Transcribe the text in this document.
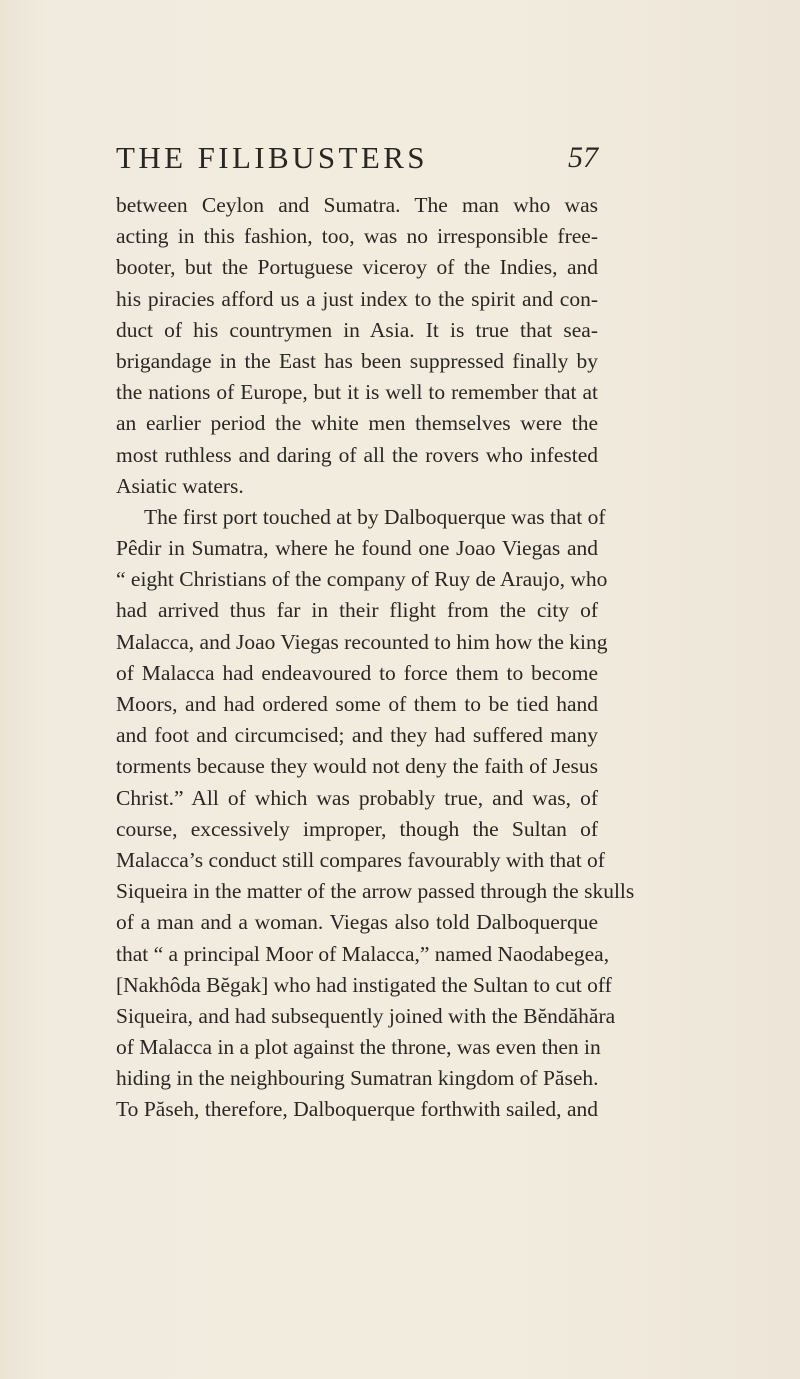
THE FILIBUSTERS	57
between Ceylon and Sumatra. The man who was
acting in this fashion, too, was no irresponsible free-
booter, but the Portuguese viceroy of the Indies, and
his piracies afford us a just index to the spirit and con-
duct of his countrymen in Asia. It is true that sea-
brigandage in the East has been suppressed finally by
the nations of Europe, but it is well to remember that at
an earlier period the white men themselves were the
most ruthless and daring of all the rovers who infested
Asiatic waters.
The first port touched at by Dalboquerque was that of
Pêdir in Sumatra, where he found one Joao Viegas and
“ eight Christians of the company of Ruy de Araujo, who
had arrived thus far in their flight from the city of
Malacca, and Joao Viegas recounted to him how the king
of Malacca had endeavoured to force them to become
Moors, and had ordered some of them to be tied hand
and foot and circumcised; and they had suffered many
torments because they would not deny the faith of Jesus
Christ.” All of which was probably true, and was, of
course, excessively improper, though the Sultan of
Malacca’s conduct still compares favourably with that of
Siqueira in the matter of the arrow passed through the skulls
of a man and a woman. Viegas also told Dalboquerque
that “ a principal Moor of Malacca,” named Naodabegea,
[Nakhôda Bĕgak] who had instigated the Sultan to cut off
Siqueira, and had subsequently joined with the Bĕndăhăra
of Malacca in a plot against the throne, was even then in
hiding in the neighbouring Sumatran kingdom of Păseh.
To Păseh, therefore, Dalboquerque forthwith sailed, and
